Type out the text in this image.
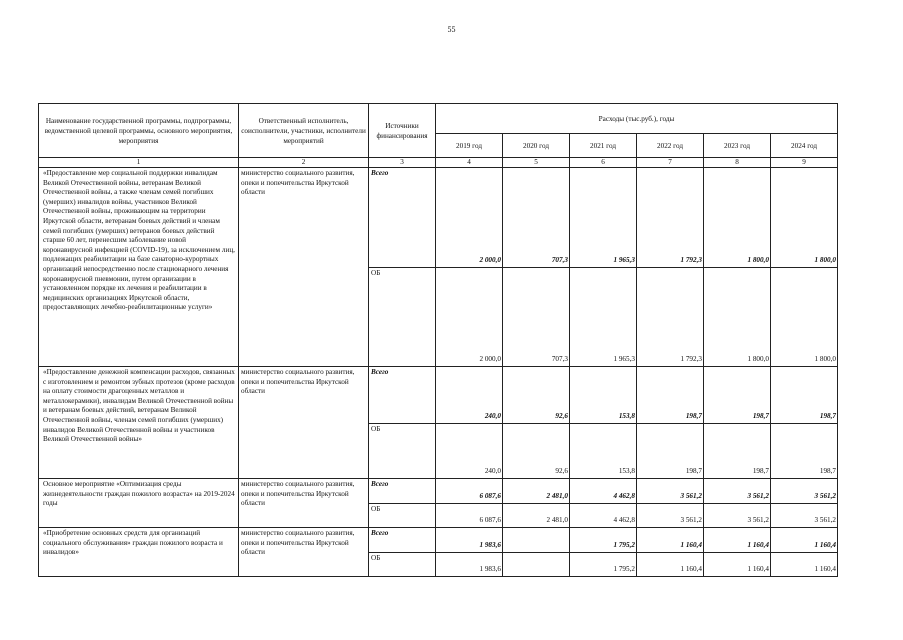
55
Наименование государственной программы, подпрограммы, ведомственной целевой программы, основного мероприятия, мероприятия	Ответственный исполнитель, соисполнители, участники, исполнители мероприятий	Источники финансирования	Расходы (тыс.руб.), годы					
			2019 год	2020 год	2021 год	2022 год	2023 год	2024 год
1	2	3	4	5	6	7	8	9
«Предоставление мер социальной поддержки инвалидам Великой Отечественной войны, ветеранам Великой Отечественной войны, а также членам семей погибших (умерших) инвалидов войны, участников Великой Отечественной войны, проживающим на территории Иркутской области, ветеранам боевых действий и членам семей погибших (умерших) ветеранов боевых действий старше 60 лет, перенесшим заболевание новой коронавирусной инфекцией (COVID-19), за исключением лиц, подлежащих реабилитации на базе санаторно-курортных организаций непосредственно после стационарного лечения коронавирусной пневмонии, путем организации в установленном порядке их лечения и реабилитации в медицинских организациях Иркутской области, предоставляющих лечебно-реабилитационные услуги»	министерство социального развития, опеки и попечительства Иркутской области	Всего	2 000,0	707,3	1 965,3	1 792,3	1 800,0	1 800,0
		ОБ	2 000,0	707,3	1 965,3	1 792,3	1 800,0	1 800,0
«Предоставление денежной компенсации расходов, связанных с изготовлением и ремонтом зубных протезов (кроме расходов на оплату стоимости драгоценных металлов и металлокерамики), инвалидам Великой Отечественной войны и ветеранам боевых действий, ветеранам Великой Отечественной войны, членам семей погибших (умерших) инвалидов Великой Отечественной войны и участников Великой Отечественной войны»	министерство социального развития, опеки и попечительства Иркутской области	Всего	240,0	92,6	153,8	198,7	198,7	198,7
		ОБ	240,0	92,6	153,8	198,7	198,7	198,7
Основное мероприятие «Оптимизация среды жизнедеятельности граждан пожилого возраста» на 2019-2024 годы	министерство социального развития, опеки и попечительства Иркутской области	Всего	6 087,6	2 481,0	4 462,8	3 561,2	3 561,2	3 561,2
		ОБ	6 087,6	2 481,0	4 462,8	3 561,2	3 561,2	3 561,2
«Приобретение основных средств для организаций социального обслуживания» граждан пожилого возраста и инвалидов»	министерство социального развития, опеки и попечительства Иркутской области	Всего	1 983,6		1 795,2	1 160,4	1 160,4	1 160,4
		ОБ	1 983,6		1 795,2	1 160,4	1 160,4	1 160,4
